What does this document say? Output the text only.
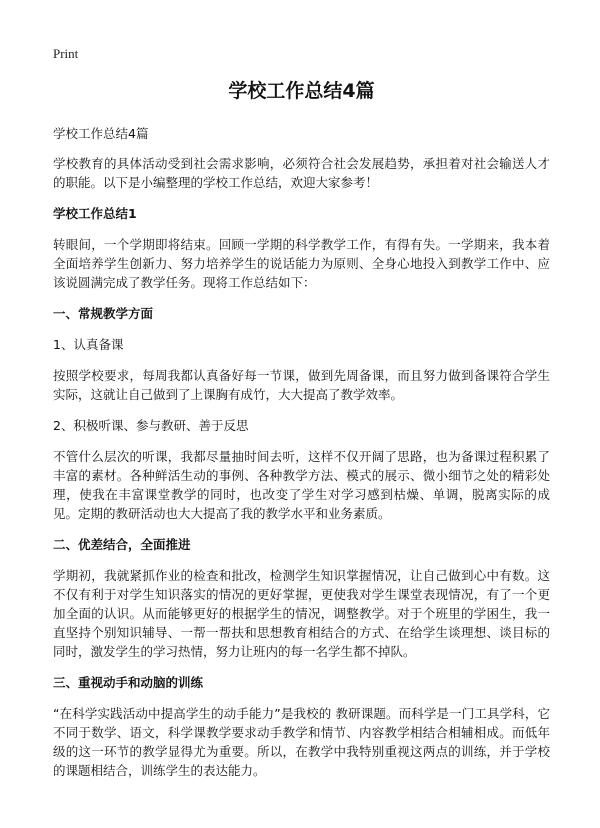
Print
学校工作总结4篇
学校工作总结4篇

学校教育的具体活动受到社会需求影响，必须符合社会发展趋势，承担着对社会输送人才的职能。以下是小编整理的学校工作总结，欢迎大家参考！

学校工作总结1

转眼间，一个学期即将结束。回顾一学期的科学教学工作，有得有失。一学期来，我本着全面培养学生创新力、努力培养学生的说话能力为原则、全身心地投入到教学工作中、应该说圆满完成了教学任务。现将工作总结如下：

一、常规教学方面
1、认真备课

按照学校要求，每周我都认真备好每一节课，做到先周备课，而且努力做到备课符合学生实际，这就让自己做到了上课胸有成竹，大大提高了教学效率。

2、积极听课、参与教研、善于反思

不管什么层次的听课，我都尽量抽时间去听，这样不仅开阔了思路，也为备课过程积累了丰富的素材。各种鲜活生动的事例、各种教学方法、模式的展示、微小细节之处的精彩处理，使我在丰富课堂教学的同时，也改变了学生对学习感到枯燥、单调，脱离实际的成见。定期的教研活动也大大提高了我的教学水平和业务素质。

二、优差结合，全面推进

学期初，我就紧抓作业的检查和批改，检测学生知识掌握情况，让自己做到心中有数。这不仅有利于对学生知识落实的情况的更好掌握，更使我对学生课堂表现情况，有了一个更加全面的认识。从而能够更好的根据学生的情况，调整教学。对于个班里的学困生，我一直坚持个别知识辅导、一帮一帮扶和思想教育相结合的方式、在给学生谈理想、谈目标的同时，激发学生的学习热情，努力让班内的每一名学生都不掉队。

三、重视动手和动脑的训练

“在科学实践活动中提高学生的动手能力”是我校的 教研课题。而科学是一门工具学科，它不同于数学、语文，科学课教学要求动手教学和情节、内容教学相结合相辅相成。而低年级的这一环节的教学显得尤为重要。所以，在教学中我特别重视这两点的训练，并于学校的课题相结合，训练学生的表达能力。
